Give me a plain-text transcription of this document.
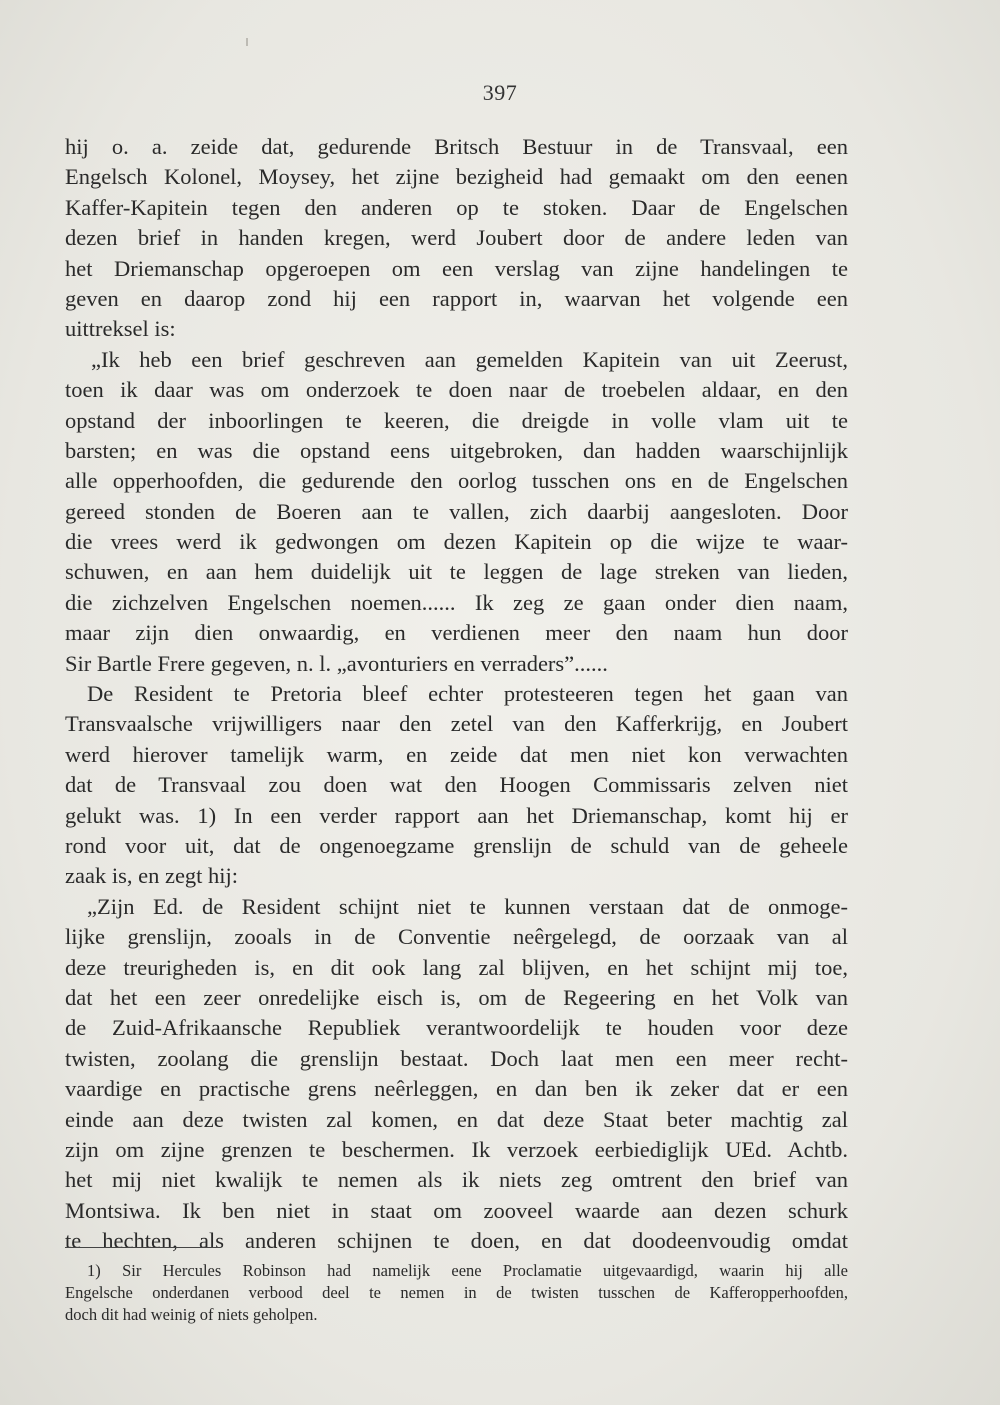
397
hij o. a. zeide dat, gedurende Britsch Bestuur in de Transvaal, een
Engelsch Kolonel, Moysey, het zijne bezigheid had gemaakt om den eenen
Kaffer-Kapitein tegen den anderen op te stoken. Daar de Engelschen
dezen brief in handen kregen, werd Joubert door de andere leden van
het Driemanschap opgeroepen om een verslag van zijne handelingen te
geven en daarop zond hij een rapport in, waarvan het volgende een
uittreksel is:
„Ik heb een brief geschreven aan gemelden Kapitein van uit Zeerust,
toen ik daar was om onderzoek te doen naar de troebelen aldaar, en den
opstand der inboorlingen te keeren, die dreigde in volle vlam uit te
barsten; en was die opstand eens uitgebroken, dan hadden waarschijnlijk
alle opperhoofden, die gedurende den oorlog tusschen ons en de Engelschen
gereed stonden de Boeren aan te vallen, zich daarbij aangesloten. Door
die vrees werd ik gedwongen om dezen Kapitein op die wijze te waar-
schuwen, en aan hem duidelijk uit te leggen de lage streken van lieden,
die zichzelven Engelschen noemen...... Ik zeg ze gaan onder dien naam,
maar zijn dien onwaardig, en verdienen meer den naam hun door
Sir Bartle Frere gegeven, n. l. „avonturiers en verraders”......
De Resident te Pretoria bleef echter protesteeren tegen het gaan van
Transvaalsche vrijwilligers naar den zetel van den Kafferkrijg, en Joubert
werd hierover tamelijk warm, en zeide dat men niet kon verwachten
dat de Transvaal zou doen wat den Hoogen Commissaris zelven niet
gelukt was. 1) In een verder rapport aan het Driemanschap, komt hij er
rond voor uit, dat de ongenoegzame grenslijn de schuld van de geheele
zaak is, en zegt hij:
„Zijn Ed. de Resident schijnt niet te kunnen verstaan dat de onmoge-
lijke grenslijn, zooals in de Conventie neêrgelegd, de oorzaak van al
deze treurigheden is, en dit ook lang zal blijven, en het schijnt mij toe,
dat het een zeer onredelijke eisch is, om de Regeering en het Volk van
de Zuid-Afrikaansche Republiek verantwoordelijk te houden voor deze
twisten, zoolang die grenslijn bestaat. Doch laat men een meer recht-
vaardige en practische grens neêrleggen, en dan ben ik zeker dat er een
einde aan deze twisten zal komen, en dat deze Staat beter machtig zal
zijn om zijne grenzen te beschermen. Ik verzoek eerbiediglijk UEd. Achtb.
het mij niet kwalijk te nemen als ik niets zeg omtrent den brief van
Montsiwa. Ik ben niet in staat om zooveel waarde aan dezen schurk
te hechten, als anderen schijnen te doen, en dat doodeenvoudig omdat
1) Sir Hercules Robinson had namelijk eene Proclamatie uitgevaardigd, waarin hij alle
Engelsche onderdanen verbood deel te nemen in de twisten tusschen de Kafferopperhoofden,
doch dit had weinig of niets geholpen.
